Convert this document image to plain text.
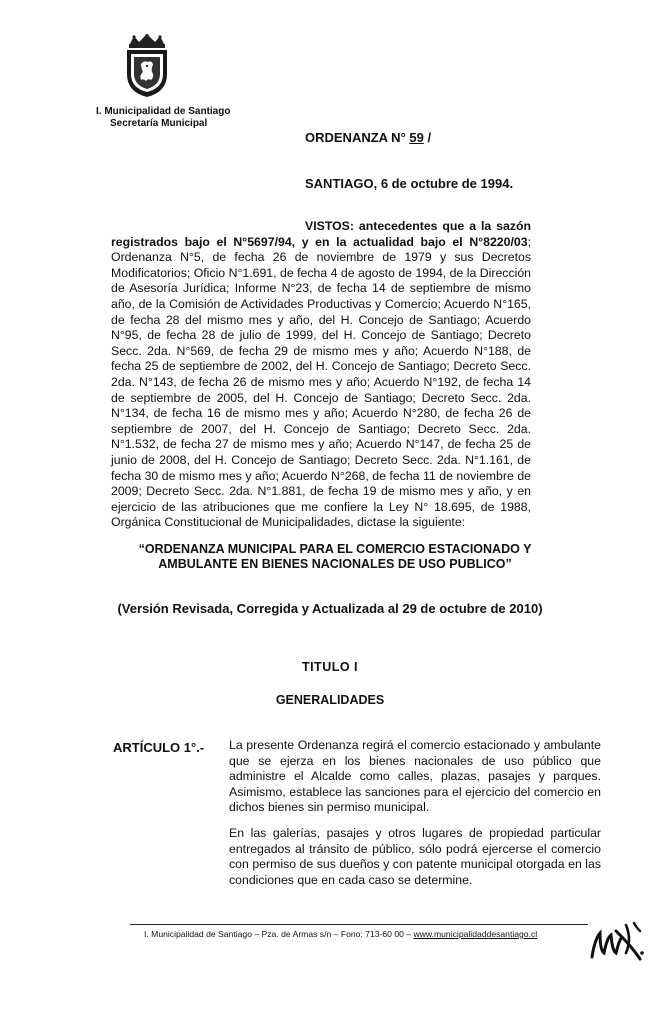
I. Municipalidad de Santiago
Secretaría Municipal
ORDENANZA N° 59 /
SANTIAGO, 6 de octubre de 1994.
VISTOS: antecedentes que a la sazón registrados bajo el N°5697/94, y en la actualidad bajo el N°8220/03; Ordenanza N°5, de fecha 26 de noviembre de 1979 y sus Decretos Modificatorios; Oficio N°1.691, de fecha 4 de agosto de 1994, de la Dirección de Asesoría Jurídica; Informe N°23, de fecha 14 de septiembre de mismo año, de la Comisión de Actividades Productivas y Comercio; Acuerdo N°165, de fecha 28 del mismo mes y año, del H. Concejo de Santiago; Acuerdo N°95, de fecha 28 de julio de 1999, del H. Concejo de Santiago; Decreto Secc. 2da. N°569, de fecha 29 de mismo mes y año; Acuerdo N°188, de fecha 25 de septiembre de 2002, del H. Concejo de Santiago; Decreto Secc. 2da. N°143, de fecha 26 de mismo mes y año; Acuerdo N°192, de fecha 14 de septiembre de 2005, del H. Concejo de Santiago; Decreto Secc. 2da. N°134, de fecha 16 de mismo mes y año; Acuerdo N°280, de fecha 26 de septiembre de 2007, del H. Concejo de Santiago; Decreto Secc. 2da. N°1.532, de fecha 27 de mismo mes y año; Acuerdo N°147, de fecha 25 de junio de 2008, del H. Concejo de Santiago; Decreto Secc. 2da. N°1.161, de fecha 30 de mismo mes y año; Acuerdo N°268, de fecha 11 de noviembre de 2009; Decreto Secc. 2da. N°1.881, de fecha 19 de mismo mes y año, y en ejercicio de las atribuciones que me confiere la Ley N° 18.695, de 1988, Orgánica Constitucional de Municipalidades, dictase la siguiente:
“ORDENANZA MUNICIPAL PARA EL COMERCIO ESTACIONADO Y AMBULANTE EN BIENES NACIONALES DE USO PUBLICO”
(Versión Revisada, Corregida y Actualizada al 29 de octubre de 2010)
TITULO I
GENERALIDADES
ARTÍCULO 1°.- La presente Ordenanza regirá el comercio estacionado y ambulante que se ejerza en los bienes nacionales de uso público que administre el Alcalde como calles, plazas, pasajes y parques. Asimismo, establece las sanciones para el ejercicio del comercio en dichos bienes sin permiso municipal.
En las galerías, pasajes y otros lugares de propiedad particular entregados al tránsito de público, sólo podrá ejercerse el comercio con permiso de sus dueños y con patente municipal otorgada en las condiciones que en cada caso se determine.
I. Municipalidad de Santiago – Pza. de Armas s/n – Fono: 713-60 00 – www.municipalidaddesantiago.cl
